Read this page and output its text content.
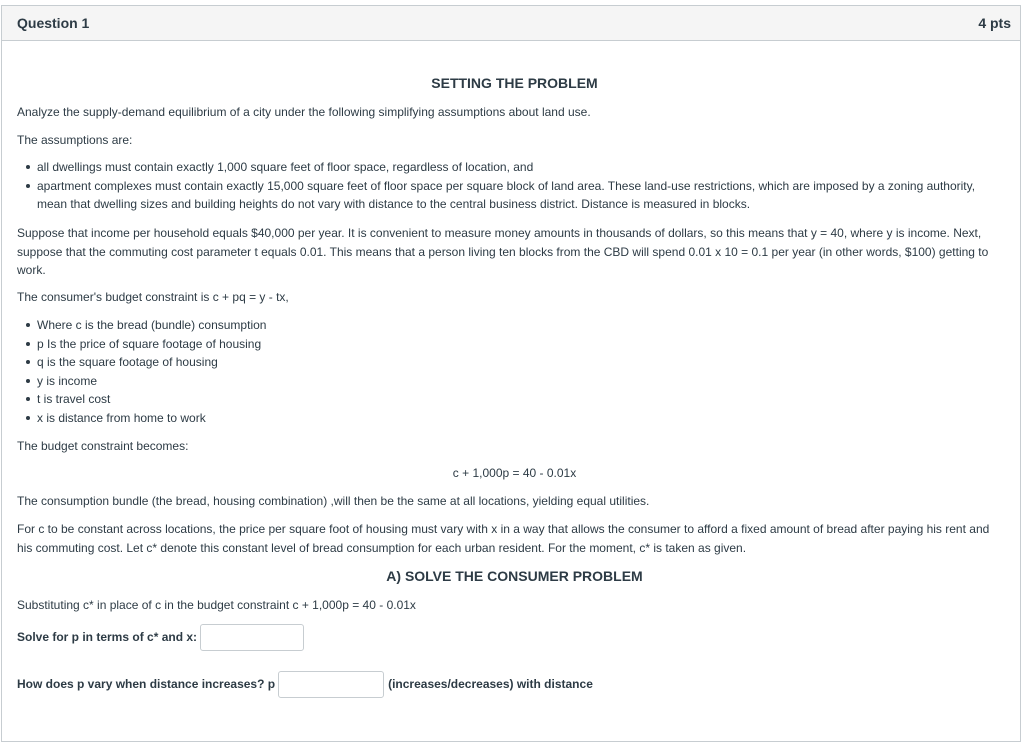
Question 1	4 pts
SETTING THE PROBLEM

Analyze the supply-demand equilibrium of a city under the following simplifying assumptions about land use.

The assumptions are:

all dwellings must contain exactly 1,000 square feet of floor space, regardless of location, and
apartment complexes must contain exactly 15,000 square feet of floor space per square block of land area. These land-use restrictions, which are imposed by a zoning authority, mean that dwelling sizes and building heights do not vary with distance to the central business district. Distance is measured in blocks.

Suppose that income per household equals $40,000 per year. It is convenient to measure money amounts in thousands of dollars, so this means that y = 40, where y is income. Next, suppose that the commuting cost parameter t equals 0.01. This means that a person living ten blocks from the CBD will spend 0.01 x 10 = 0.1 per year (in other words, $100) getting to work.

The consumer's budget constraint is c + pq = y - tx,

Where c is the bread (bundle) consumption
p Is the price of square footage of housing
q is the square footage of housing
y is income
t is travel cost
x is distance from home to work

The budget constraint becomes:

c + 1,000p = 40 - 0.01x

The consumption bundle (the bread, housing combination) ,will then be the same at all locations, yielding equal utilities.

For c to be constant across locations, the price per square foot of housing must vary with x in a way that allows the consumer to afford a fixed amount of bread after paying his rent and his commuting cost. Let c* denote this constant level of bread consumption for each urban resident. For the moment, c* is taken as given.

A) SOLVE THE CONSUMER PROBLEM

Substituting c* in place of c in the budget constraint c + 1,000p = 40 - 0.01x

Solve for p in terms of c* and x:
How does p vary when distance increases? p	(increases/decreases) with distance
